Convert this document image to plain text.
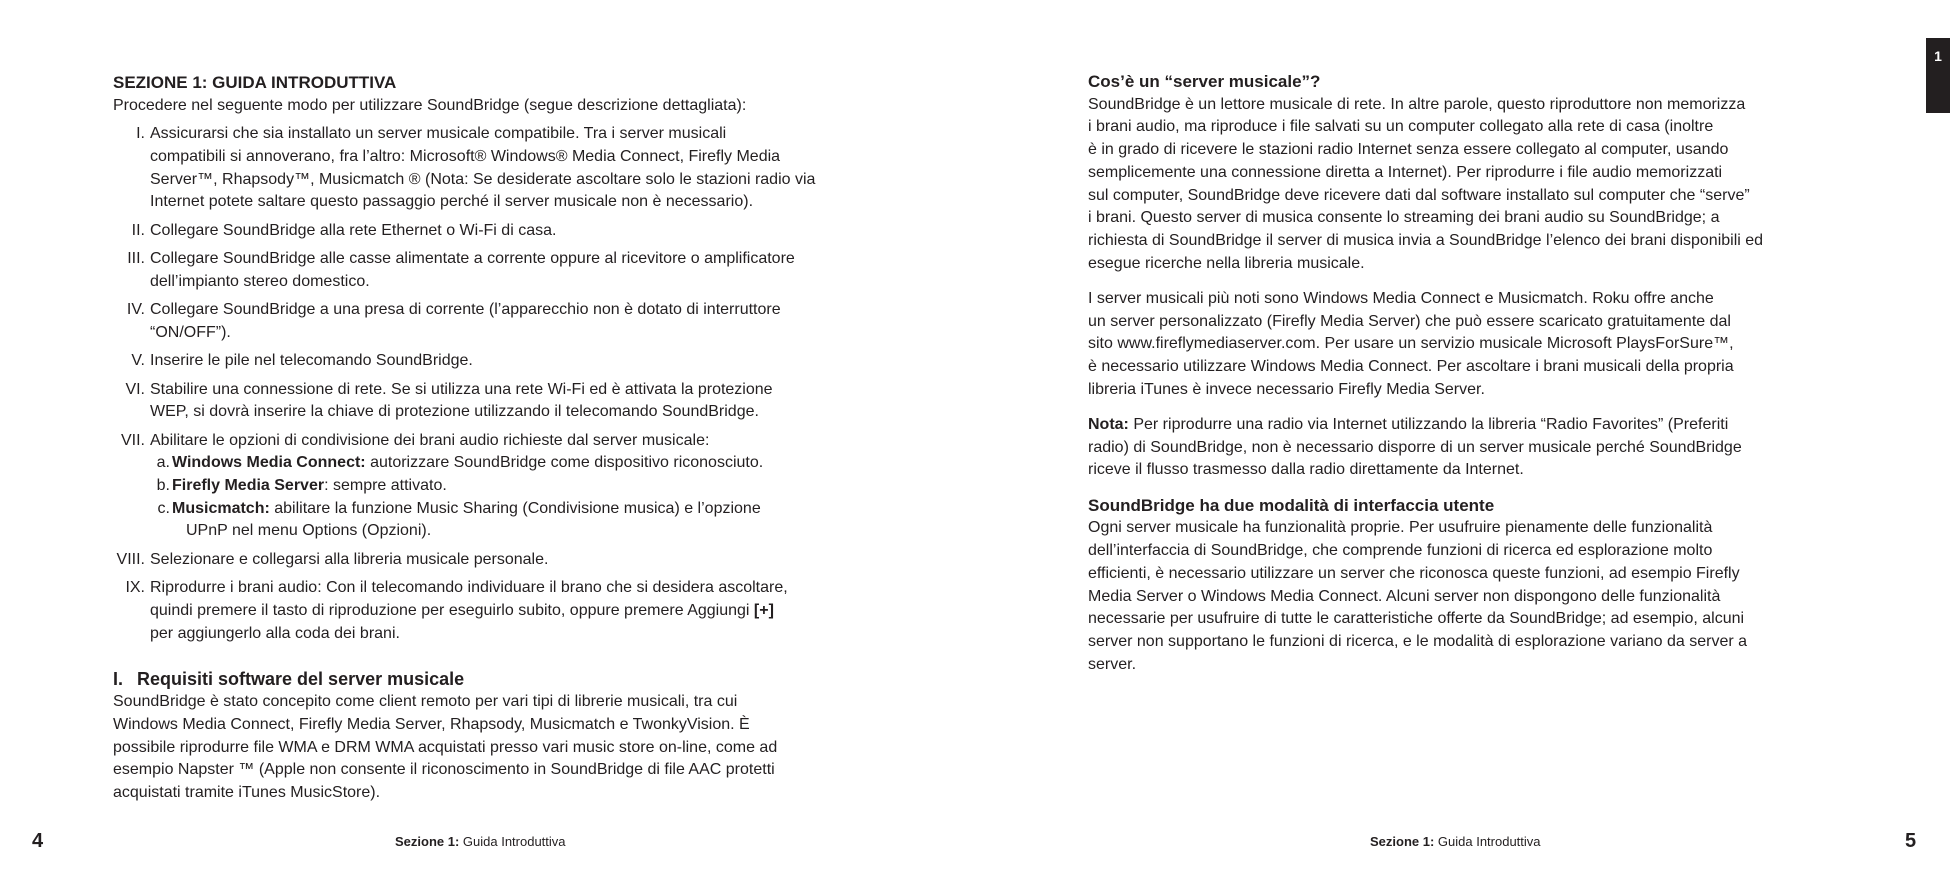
SEZIONE 1: GUIDA INTRODUTTIVA
Procedere nel seguente modo per utilizzare SoundBridge (segue descrizione dettagliata):
I. Assicurarsi che sia installato un server musicale compatibile. Tra i server musicali
compatibili si annoverano, fra l’altro: Microsoft® Windows® Media Connect, Firefly Media
Server™, Rhapsody™, Musicmatch ® (Nota: Se desiderate ascoltare solo le stazioni radio via
Internet potete saltare questo passaggio perché il server musicale non è necessario).
II. Collegare SoundBridge alla rete Ethernet o Wi-Fi di casa.
III. Collegare SoundBridge alle casse alimentate a corrente oppure al ricevitore o amplificatore
dell’impianto stereo domestico.
IV. Collegare SoundBridge a una presa di corrente (l’apparecchio non è dotato di interruttore
“ON/OFF”).
V. Inserire le pile nel telecomando SoundBridge.
VI. Stabilire una connessione di rete. Se si utilizza una rete Wi-Fi ed è attivata la protezione
WEP, si dovrà inserire la chiave di protezione utilizzando il telecomando SoundBridge.
VII. Abilitare le opzioni di condivisione dei brani audio richieste dal server musicale:
a. Windows Media Connect: autorizzare SoundBridge come dispositivo riconosciuto.
b. Firefly Media Server: sempre attivato.
c. Musicmatch: abilitare la funzione Music Sharing (Condivisione musica) e l’opzione
UPnP nel menu Options (Opzioni).
VIII. Selezionare e collegarsi alla libreria musicale personale.
IX. Riprodurre i brani audio: Con il telecomando individuare il brano che si desidera ascoltare,
quindi premere il tasto di riproduzione per eseguirlo subito, oppure premere Aggiungi [+]
per aggiungerlo alla coda dei brani.
I. Requisiti software del server musicale
SoundBridge è stato concepito come client remoto per vari tipi di librerie musicali, tra cui
Windows Media Connect, Firefly Media Server, Rhapsody, Musicmatch e TwonkyVision. È
possibile riprodurre file WMA e DRM WMA acquistati presso vari music store on-line, come ad
esempio Napster ™ (Apple non consente il riconoscimento in SoundBridge di file AAC protetti
acquistati tramite iTunes MusicStore).
Cos’è un “server musicale”?
SoundBridge è un lettore musicale di rete. In altre parole, questo riproduttore non memorizza
i brani audio, ma riproduce i file salvati su un computer collegato alla rete di casa (inoltre
è in grado di ricevere le stazioni radio Internet senza essere collegato al computer, usando
semplicemente una connessione diretta a Internet). Per riprodurre i file audio memorizzati
sul computer, SoundBridge deve ricevere dati dal software installato sul computer che “serve”
i brani. Questo server di musica consente lo streaming dei brani audio su SoundBridge; a
richiesta di SoundBridge il server di musica invia a SoundBridge l’elenco dei brani disponibili ed
esegue ricerche nella libreria musicale.
I server musicali più noti sono Windows Media Connect e Musicmatch. Roku offre anche
un server personalizzato (Firefly Media Server) che può essere scaricato gratuitamente dal
sito www.fireflymediaserver.com. Per usare un servizio musicale Microsoft PlaysForSure™,
è necessario utilizzare Windows Media Connect. Per ascoltare i brani musicali della propria
libreria iTunes è invece necessario Firefly Media Server.
Nota: Per riprodurre una radio via Internet utilizzando la libreria “Radio Favorites” (Preferiti
radio) di SoundBridge, non è necessario disporre di un server musicale perché SoundBridge
riceve il flusso trasmesso dalla radio direttamente da Internet.
SoundBridge ha due modalità di interfaccia utente
Ogni server musicale ha funzionalità proprie. Per usufruire pienamente delle funzionalità
dell’interfaccia di SoundBridge, che comprende funzioni di ricerca ed esplorazione molto
efficienti, è necessario utilizzare un server che riconosca queste funzioni, ad esempio Firefly
Media Server o Windows Media Connect. Alcuni server non dispongono delle funzionalità
necessarie per usufruire di tutte le caratteristiche offerte da SoundBridge; ad esempio, alcuni
server non supportano le funzioni di ricerca, e le modalità di esplorazione variano da server a
server.
4	Sezione 1: Guida Introduttiva	Sezione 1: Guida Introduttiva	5
1
